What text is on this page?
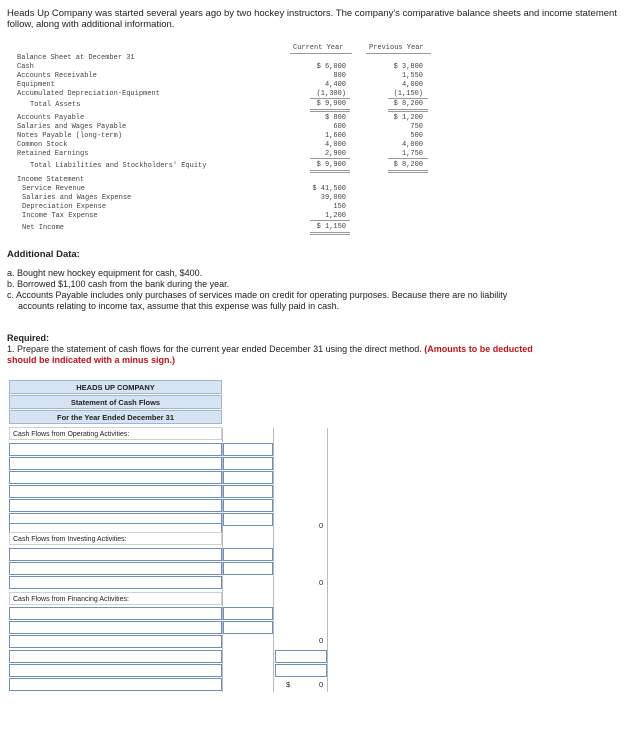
Heads Up Company was started several years ago by two hockey instructors. The company's comparative balance sheets and income statement follow, along with additional information.
Current Year	Previous Year
Balance Sheet at December 31
Cash	$ 6,000	$ 3,800
Accounts Receivable	800	1,550
Equipment	4,400	4,000
Accumulated Depreciation-Equipment	(1,300)	(1,150)
Total Assets	$ 9,900	$ 8,200
Accounts Payable	$ 800	$ 1,200
Salaries and Wages Payable	600	750
Notes Payable (long-term)	1,600	500
Common Stock	4,000	4,000
Retained Earnings	2,900	1,750
Total Liabilities and Stockholders' Equity	$ 9,900	$ 8,200
Income Statement
Service Revenue	$ 41,500
Salaries and Wages Expense	39,000
Depreciation Expense	150
Income Tax Expense	1,200
Net Income	$ 1,150
Additional Data:
a. Bought new hockey equipment for cash, $400.
b. Borrowed $1,100 cash from the bank during the year.
c. Accounts Payable includes only purchases of services made on credit for operating purposes. Because there are no liability
accounts relating to income tax, assume that this expense was fully paid in cash.
Required:
1. Prepare the statement of cash flows for the current year ended December 31 using the direct method. (Amounts to be deducted
should be indicated with a minus sign.)
HEADS UP COMPANY
Statement of Cash Flows
For the Year Ended December 31
Cash Flows from Operating Activities:
0
Cash Flows from Investing Activities:
0
Cash Flows from Financing Activities:
0
$	0
